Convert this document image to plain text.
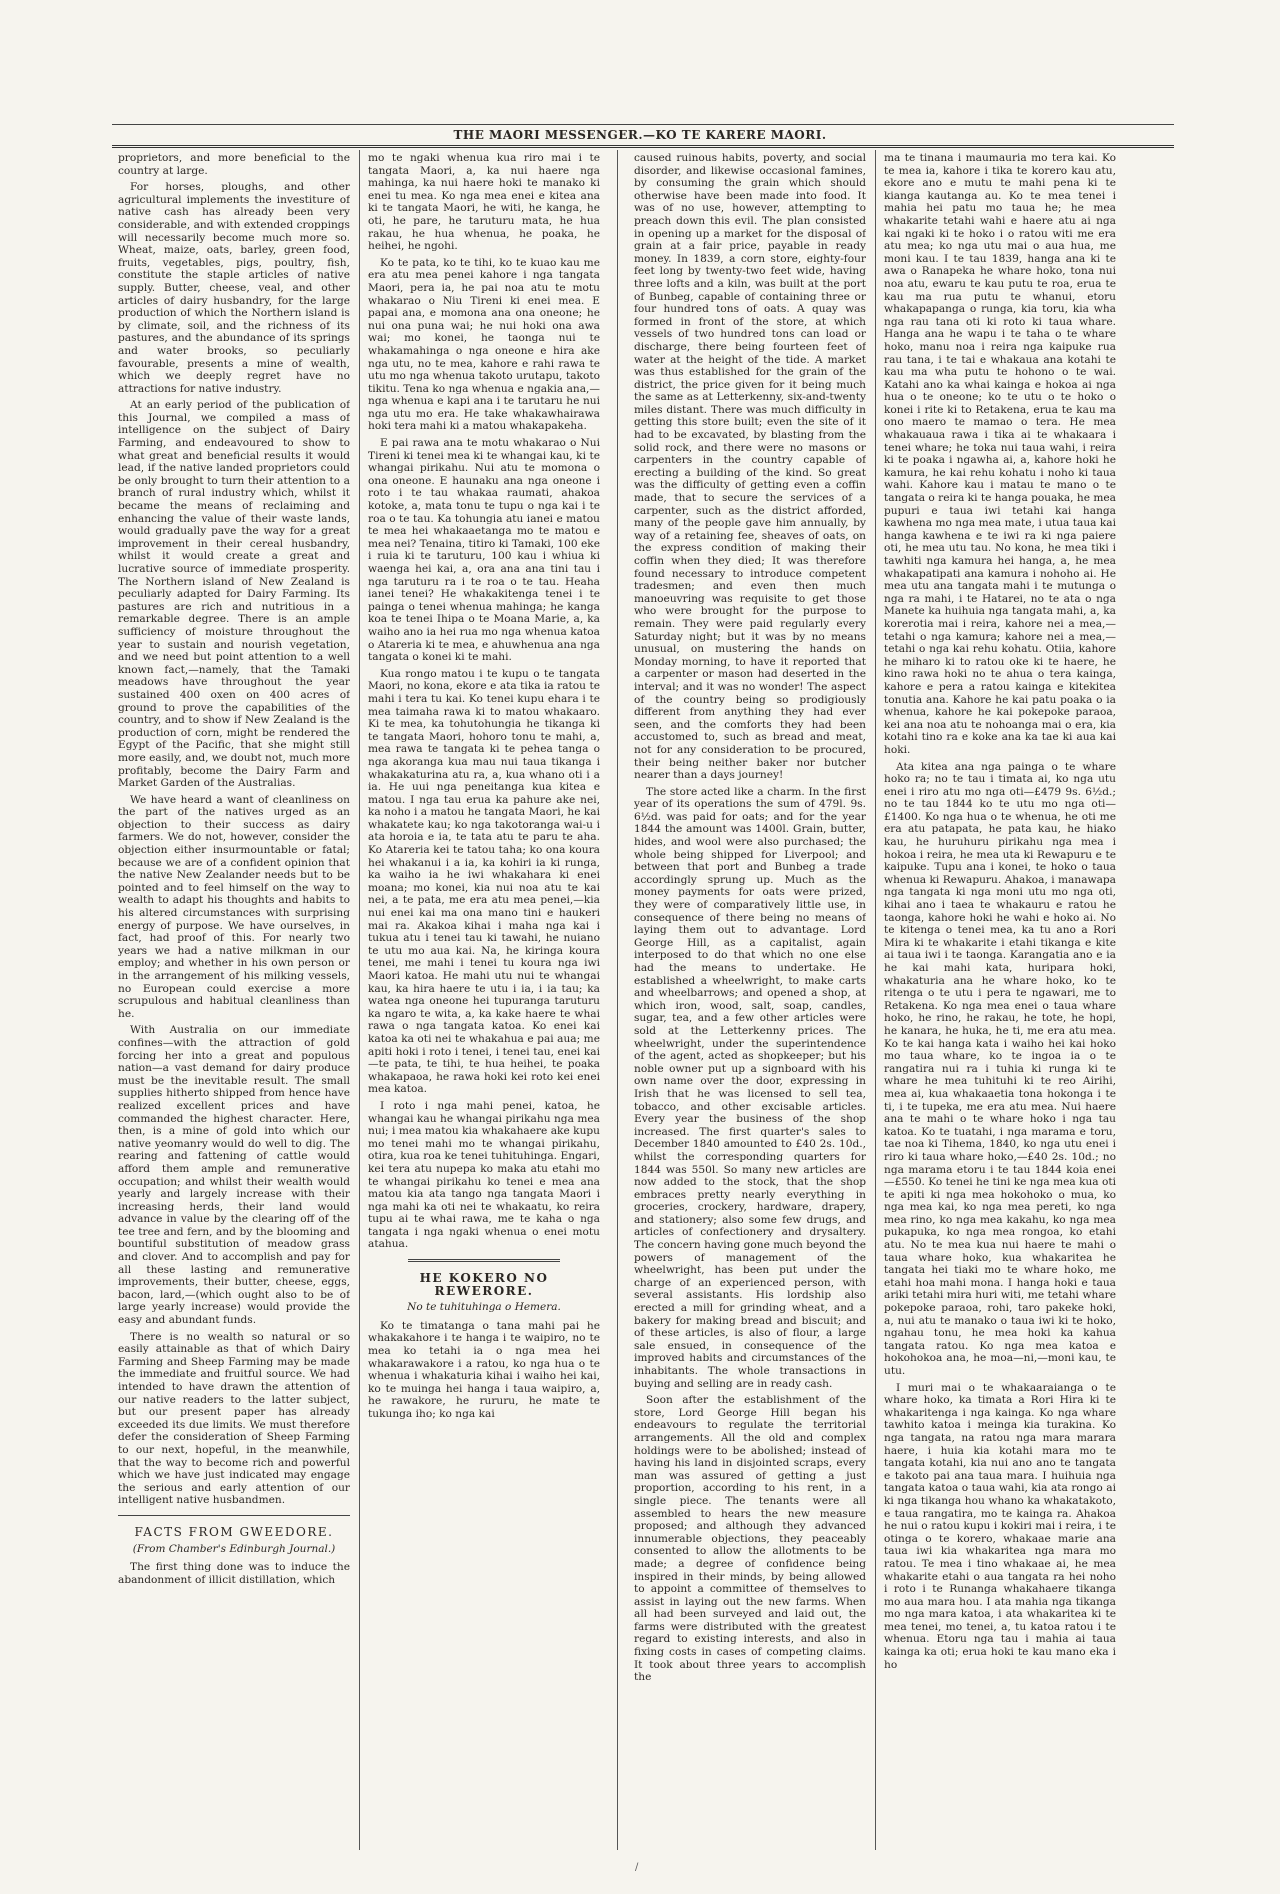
THE MAORI MESSENGER.—KO TE KARERE MAORI.

proprietors, and more beneficial to the country at large.

For horses, ploughs, and other agricultural implements the investiture of native cash has already been very considerable, and with extended croppings will necessarily become much more so. Wheat, maize, oats, barley, green food, fruits, vegetables, pigs, poultry, fish, constitute the staple articles of native supply. Butter, cheese, veal, and other articles of dairy husbandry, for the large production of which the Northern island is by climate, soil, and the richness of its pastures, and the abundance of its springs and water brooks, so peculiarly favourable, presents a mine of wealth, which we deeply regret have no attractions for native industry.

At an early period of the publication of this Journal, we compiled a mass of intelligence on the subject of Dairy Farming, and endeavoured to show to what great and beneficial results it would lead, if the native landed proprietors could be only brought to turn their attention to a branch of rural industry which, whilst it became the means of reclaiming and enhancing the value of their waste lands, would gradually pave the way for a great improvement in their cereal husbandry, whilst it would create a great and lucrative source of immediate prosperity. The Northern island of New Zealand is peculiarly adapted for Dairy Farming. Its pastures are rich and nutritious in a remarkable degree. There is an ample sufficiency of moisture throughout the year to sustain and nourish vegetation, and we need but point attention to a well known fact,—namely, that the Tamaki meadows have throughout the year sustained 400 oxen on 400 acres of ground to prove the capabilities of the country, and to show if New Zealand is the production of corn, might be rendered the Egypt of the Pacific, that she might still more easily, and, we doubt not, much more profitably, become the Dairy Farm and Market Garden of the Australias.

We have heard a want of cleanliness on the part of the natives urged as an objection to their success as dairy farmers. We do not, however, consider the objection either insurmountable or fatal; because we are of a confident opinion that the native New Zealander needs but to be pointed and to feel himself on the way to wealth to adapt his thoughts and habits to his altered circumstances with surprising energy of purpose. We have ourselves, in fact, had proof of this. For nearly two years we had a native milkman in our employ; and whether in his own person or in the arrangement of his milking vessels, no European could exercise a more scrupulous and habitual cleanliness than he.

With Australia on our immediate confines—with the attraction of gold forcing her into a great and populous nation—a vast demand for dairy produce must be the inevitable result. The small supplies hitherto shipped from hence have realized excellent prices and have commanded the highest character. Here, then, is a mine of gold into which our native yeomanry would do well to dig. The rearing and fattening of cattle would afford them ample and remunerative occupation; and whilst their wealth would yearly and largely increase with their increasing herds, their land would advance in value by the clearing off of the tee tree and fern, and by the blooming and bountiful substitution of meadow grass and clover. And to accomplish and pay for all these lasting and remunerative improvements, their butter, cheese, eggs, bacon, lard,—(which ought also to be of large yearly increase) would provide the easy and abundant funds.

There is no wealth so natural or so easily attainable as that of which Dairy Farming and Sheep Farming may be made the immediate and fruitful source. We had intended to have drawn the attention of our native readers to the latter subject, but our present paper has already exceeded its due limits. We must therefore defer the consideration of Sheep Farming to our next, hopeful, in the meanwhile, that the way to become rich and powerful which we have just indicated may engage the serious and early attention of our intelligent native husbandmen.

FACTS FROM GWEEDORE.
(From Chamber's Edinburgh Journal.)

The first thing done was to induce the abandonment of illicit distillation, which

mo te ngaki whenua kua riro mai i te tangata Maori, a, ka nui haere nga mahinga, ka nui haere hoki te manako ki enei tu mea. Ko nga mea enei e kitea ana ki te tangata Maori, he witi, he kanga, he oti, he pare, he taruturu mata, he hua rakau, he hua whenua, he poaka, he heihei, he ngohi.

Ko te pata, ko te tihi, ko te kuao kau me era atu mea penei kahore i nga tangata Maori, pera ia, he pai noa atu te motu whakarao o Niu Tireni ki enei mea. E papai ana, e momona ana ona oneone; he nui ona puna wai; he nui hoki ona awa wai; mo konei, he taonga nui te whakamahinga o nga oneone e hira ake nga utu, no te mea, kahore e rahi rawa te utu mo nga whenua takoto urutapu, takoto tikitu. Tena ko nga whenua e ngakia ana,—nga whenua e kapi ana i te tarutaru he nui nga utu mo era. He take whakawhairawa hoki tera mahi ki a matou whakapakeha.

E pai rawa ana te motu whakarao o Nui Tireni ki tenei mea ki te whangai kau, ki te whangai pirikahu. Nui atu te momona o ona oneone. E haunaku ana nga oneone i roto i te tau whakaa raumati, ahakoa kotoke, a, mata tonu te tupu o nga kai i te roa o te tau. Ka tohungia atu ianei e matou te mea hei whakaaetanga mo te matou e mea nei? Tenaina, titiro ki Tamaki, 100 eke i ruia ki te taruturu, 100 kau i whiua ki waenga hei kai, a, ora ana ana tini tau i nga taruturu ra i te roa o te tau. Heaha ianei tenei? He whakakitenga tenei i te painga o tenei whenua mahinga; he kanga koa te tenei Ihipa o te Moana Marie, a, ka waiho ano ia hei rua mo nga whenua katoa o Atareria ki te mea, e ahuwhenua ana nga tangata o konei ki te mahi.

Kua rongo matou i te kupu o te tangata Maori, no kona, ekore e ata tika ia ratou te mahi i tera tu kai. Ko tenei kupu ehara i te mea taimaha rawa ki to matou whakaaro. Ki te mea, ka tohutohungia he tikanga ki te tangata Maori, hohoro tonu te mahi, a, mea rawa te tangata ki te pehea tanga o nga akoranga kua mau nui taua tikanga i whakakaturina atu ra, a, kua whano oti i a ia. He uui nga peneitanga kua kitea e matou. I nga tau erua ka pahure ake nei, ka noho i a matou he tangata Maori, he kai whakatete kau; ko nga takotoranga wai-u i ata horoia e ia, te tata atu te paru te aha. Ko Atareria kei te tatou taha; ko ona koura hei whakanui i a ia, ka kohiri ia ki runga, ka waiho ia he iwi whakahara ki enei moana; mo konei, kia nui noa atu te kai nei, a te pata, me era atu mea penei,—kia nui enei kai ma ona mano tini e haukeri mai ra. Akakoa kihai i maha nga kai i tukua atu i tenei tau ki tawahi, he nuiano te utu mo aua kai. Na, he kiringa koura tenei, me mahi i tenei tu koura nga iwi Maori katoa. He mahi utu nui te whangai kau, ka hira haere te utu i ia, i ia tau; ka watea nga oneone hei tupuranga taruturu ka ngaro te wita, a, ka kake haere te whai rawa o nga tangata katoa. Ko enei kai katoa ka oti nei te whakahua e pai aua; me apiti hoki i roto i tenei, i tenei tau, enei kai—te pata, te tihi, te hua heihei, te poaka whakapaoa, he rawa hoki kei roto kei enei mea katoa.

I roto i nga mahi penei, katoa, he whangai kau he whangai pirikahu nga mea nui; i mea matou kia whakahaere ake kupu mo tenei mahi mo te whangai pirikahu, otira, kua roa ke tenei tuhituhinga. Engari, kei tera atu nupepa ko maka atu etahi mo te whangai pirikahu ko tenei e mea ana matou kia ata tango nga tangata Maori i nga mahi ka oti nei te whakaatu, ko reira tupu ai te whai rawa, me te kaha o nga tangata i nga ngaki whenua o enei motu atahua.

HE KOKERO NO REWERORE.
No te tuhituhinga o Hemera.

Ko te timatanga o tana mahi pai he whakakahore i te hanga i te waipiro, no te mea ko tetahi ia o nga mea hei whakarawakore i a ratou, ko nga hua o te whenua i whakaturia kihai i waiho hei kai, ko te muinga hei hanga i taua waipiro, a, he rawakore, he rururu, he mate te tukunga iho; ko nga kai

caused ruinous habits, poverty, and social disorder, and likewise occasional famines, by consuming the grain which should otherwise have been made into food. It was of no use, however, attempting to preach down this evil. The plan consisted in opening up a market for the disposal of grain at a fair price, payable in ready money. In 1839, a corn store, eighty-four feet long by twenty-two feet wide, having three lofts and a kiln, was built at the port of Bunbeg, capable of containing three or four hundred tons of oats. A quay was formed in front of the store, at which vessels of two hundred tons can load or discharge, there being fourteen feet of water at the height of the tide. A market was thus established for the grain of the district, the price given for it being much the same as at Letterkenny, six-and-twenty miles distant. There was much difficulty in getting this store built; even the site of it had to be excavated, by blasting from the solid rock, and there were no masons or carpenters in the country capable of erecting a building of the kind. So great was the difficulty of getting even a coffin made, that to secure the services of a carpenter, such as the district afforded, many of the people gave him annually, by way of a retaining fee, sheaves of oats, on the express condition of making their coffin when they died; It was therefore found necessary to introduce competent tradesmen; and even then much manoeuvring was requisite to get those who were brought for the purpose to remain. They were paid regularly every Saturday night; but it was by no means unusual, on mustering the hands on Monday morning, to have it reported that a carpenter or mason had deserted in the interval; and it was no wonder! The aspect of the country being so prodigiously different from anything they had ever seen, and the comforts they had been accustomed to, such as bread and meat, not for any consideration to be procured, their being neither baker nor butcher nearer than a days journey!

The store acted like a charm. In the first year of its operations the sum of 479l. 9s. 6½d. was paid for oats; and for the year 1844 the amount was 1400l. Grain, butter, hides, and wool were also purchased; the whole being shipped for Liverpool; and between that port and Bunbeg a trade accordingly sprung up. Much as the money payments for oats were prized, they were of comparatively little use, in consequence of there being no means of laying them out to advantage. Lord George Hill, as a capitalist, again interposed to do that which no one else had the means to undertake. He established a wheelwright, to make carts and wheelbarrows; and opened a shop, at which iron, wood, salt, soap, candles, sugar, tea, and a few other articles were sold at the Letterkenny prices. The wheelwright, under the superintendence of the agent, acted as shopkeeper; but his noble owner put up a signboard with his own name over the door, expressing in Irish that he was licensed to sell tea, tobacco, and other excisable articles. Every year the business of the shop increased. The first quarter's sales to December 1840 amounted to £40 2s. 10d., whilst the corresponding quarters for 1844 was 550l. So many new articles are now added to the stock, that the shop embraces pretty nearly everything in groceries, crockery, hardware, drapery, and stationery; also some few drugs, and articles of confectionery and drysaltery. The concern having gone much beyond the powers of management of the wheelwright, has been put under the charge of an experienced person, with several assistants. His lordship also erected a mill for grinding wheat, and a bakery for making bread and biscuit; and of these articles, is also of flour, a large sale ensued, in consequence of the improved habits and circumstances of the inhabitants. The whole transactions in buying and selling are in ready cash.

Soon after the establishment of the store, Lord George Hill began his endeavours to regulate the territorial arrangements. All the old and complex holdings were to be abolished; instead of having his land in disjointed scraps, every man was assured of getting a just proportion, according to his rent, in a single piece. The tenants were all assembled to hears the new measure proposed; and although they advanced innumerable objections, they peaceably consented to allow the allotments to be made; a degree of confidence being inspired in their minds, by being allowed to appoint a committee of themselves to assist in laying out the new farms. When all had been surveyed and laid out, the farms were distributed with the greatest regard to existing interests, and also in fixing costs in cases of competing claims. It took about three years to accomplish the

ma te tinana i maumauria mo tera kai. Ko te mea ia, kahore i tika te korero kau atu, ekore ano e mutu te mahi pena ki te kianga kautanga au. Ko te mea tenei i mahia hei patu mo taua he; he mea whakarite tetahi wahi e haere atu ai nga kai ngaki ki te hoko i o ratou witi me era atu mea; ko nga utu mai o aua hua, me moni kau. I te tau 1839, hanga ana ki te awa o Ranapeka he whare hoko, tona nui noa atu, ewaru te kau putu te roa, erua te kau ma rua putu te whanui, etoru whakapapanga o runga, kia toru, kia wha nga rau tana oti ki roto ki taua whare. Hanga ana he wapu i te taha o te whare hoko, manu noa i reira nga kaipuke rua rau tana, i te tai e whakaua ana kotahi te kau ma wha putu te hohono o te wai. Katahi ano ka whai kainga e hokoa ai nga hua o te oneone; ko te utu o te hoko o konei i rite ki to Retakena, erua te kau ma ono maero te mamao o tera. He mea whakauaua rawa i tika ai te whakaara i tenei whare; he toka nui taua wahi, i reira ki te poaka i ngawha ai, a, kahore hoki he kamura, he kai rehu kohatu i noho ki taua wahi. Kahore kau i matau te mano o te tangata o reira ki te hanga pouaka, he mea pupuri e taua iwi tetahi kai hanga kawhena mo nga mea mate, i utua taua kai hanga kawhena e te iwi ra ki nga paiere oti, he mea utu tau. No kona, he mea tiki i tawhiti nga kamura hei hanga, a, he mea whakapatipati ana kamura i nohoho ai. He mea utu ana tangata mahi i te mutunga o nga ra mahi, i te Hatarei, no te ata o nga Manete ka huihuia nga tangata mahi, a, ka korerotia mai i reira, kahore nei a mea,—tetahi o nga kamura; kahore nei a mea,—tetahi o nga kai rehu kohatu. Otiia, kahore he miharo ki to ratou oke ki te haere, he kino rawa hoki no te ahua o tera kainga, kahore e pera a ratou kainga e kitekitea tonutia ana. Kahore he kai patu poaka o ia whenua, kahore he kai pokepoke paraoa, kei ana noa atu te nohoanga mai o era, kia kotahi tino ra e koke ana ka tae ki aua kai hoki.

Ata kitea ana nga painga o te whare hoko ra; no te tau i timata ai, ko nga utu enei i riro atu mo nga oti—£479 9s. 6½d.; no te tau 1844 ko te utu mo nga oti—£1400. Ko nga hua o te whenua, he oti me era atu patapata, he pata kau, he hiako kau, he huruhuru pirikahu nga mea i hokoa i reira, he mea uta ki Rewapuru e te kaipuke. Tupu ana i konei, te hoko o taua whenua ki Rewapuru. Ahakoa, i manawapa nga tangata ki nga moni utu mo nga oti, kihai ano i taea te whakauru e ratou he taonga, kahore hoki he wahi e hoko ai. No te kitenga o tenei mea, ka tu ano a Rori Mira ki te whakarite i etahi tikanga e kite ai taua iwi i te taonga. Karangatia ano e ia he kai mahi kata, huripara hoki, whakaturia ana he whare hoko, ko te ritenga o te utu i pera te ngawari, me to Retakena. Ko nga mea enei o taua whare hoko, he rino, he rakau, he tote, he hopi, he kanara, he huka, he ti, me era atu mea. Ko te kai hanga kata i waiho hei kai hoko mo taua whare, ko te ingoa ia o te rangatira nui ra i tuhia ki runga ki te whare he mea tuhituhi ki te reo Airihi, mea ai, kua whakaaetia tona hokonga i te ti, i te tupeka, me era atu mea. Nui haere ana te mahi o te whare hoko i nga tau katoa. Ko te tuatahi, i nga marama e toru, tae noa ki Tihema, 1840, ko nga utu enei i riro ki taua whare hoko,—£40 2s. 10d.; no nga marama etoru i te tau 1844 koia enei—£550. Ko tenei he tini ke nga mea kua oti te apiti ki nga mea hokohoko o mua, ko nga mea kai, ko nga mea pereti, ko nga mea rino, ko nga mea kakahu, ko nga mea pukapuka, ko nga mea rongoa, ko etahi atu. No te mea kua nui haere te mahi o taua whare hoko, kua whakaritea he tangata hei tiaki mo te whare hoko, me etahi hoa mahi mona. I hanga hoki e taua ariki tetahi mira huri witi, me tetahi whare pokepoke paraoa, rohi, taro pakeke hoki, a, nui atu te manako o taua iwi ki te hoko, ngahau tonu, he mea hoki ka kahua tangata ratou. Ko nga mea katoa e hokohokoa ana, he moa—ni,—moni kau, te utu.

I muri mai o te whakaaraianga o te whare hoko, ka timata a Rori Hira ki te whakaritenga i nga kainga. Ko nga whare tawhito katoa i meinga kia turakina. Ko nga tangata, na ratou nga mara marara haere, i huia kia kotahi mara mo te tangata kotahi, kia nui ano ano te tangata e takoto pai ana taua mara. I huihuia nga tangata katoa o taua wahi, kia ata rongo ai ki nga tikanga hou whano ka whakatakoto, e taua rangatira, mo te kainga ra. Ahakoa he nui o ratou kupu i kokiri mai i reira, i te otinga o te korero, whakaae marie ana taua iwi kia whakaritea nga mara mo ratou. Te mea i tino whakaae ai, he mea whakarite etahi o aua tangata ra hei noho i roto i te Runanga whakahaere tikanga mo aua mara hou. I ata mahia nga tikanga mo nga mara katoa, i ata whakaritea ki te mea tenei, mo tenei, a, tu katoa ratou i te whenua. Etoru nga tau i mahia ai taua kainga ka oti; erua hoki te kau mano eka i ho

/
